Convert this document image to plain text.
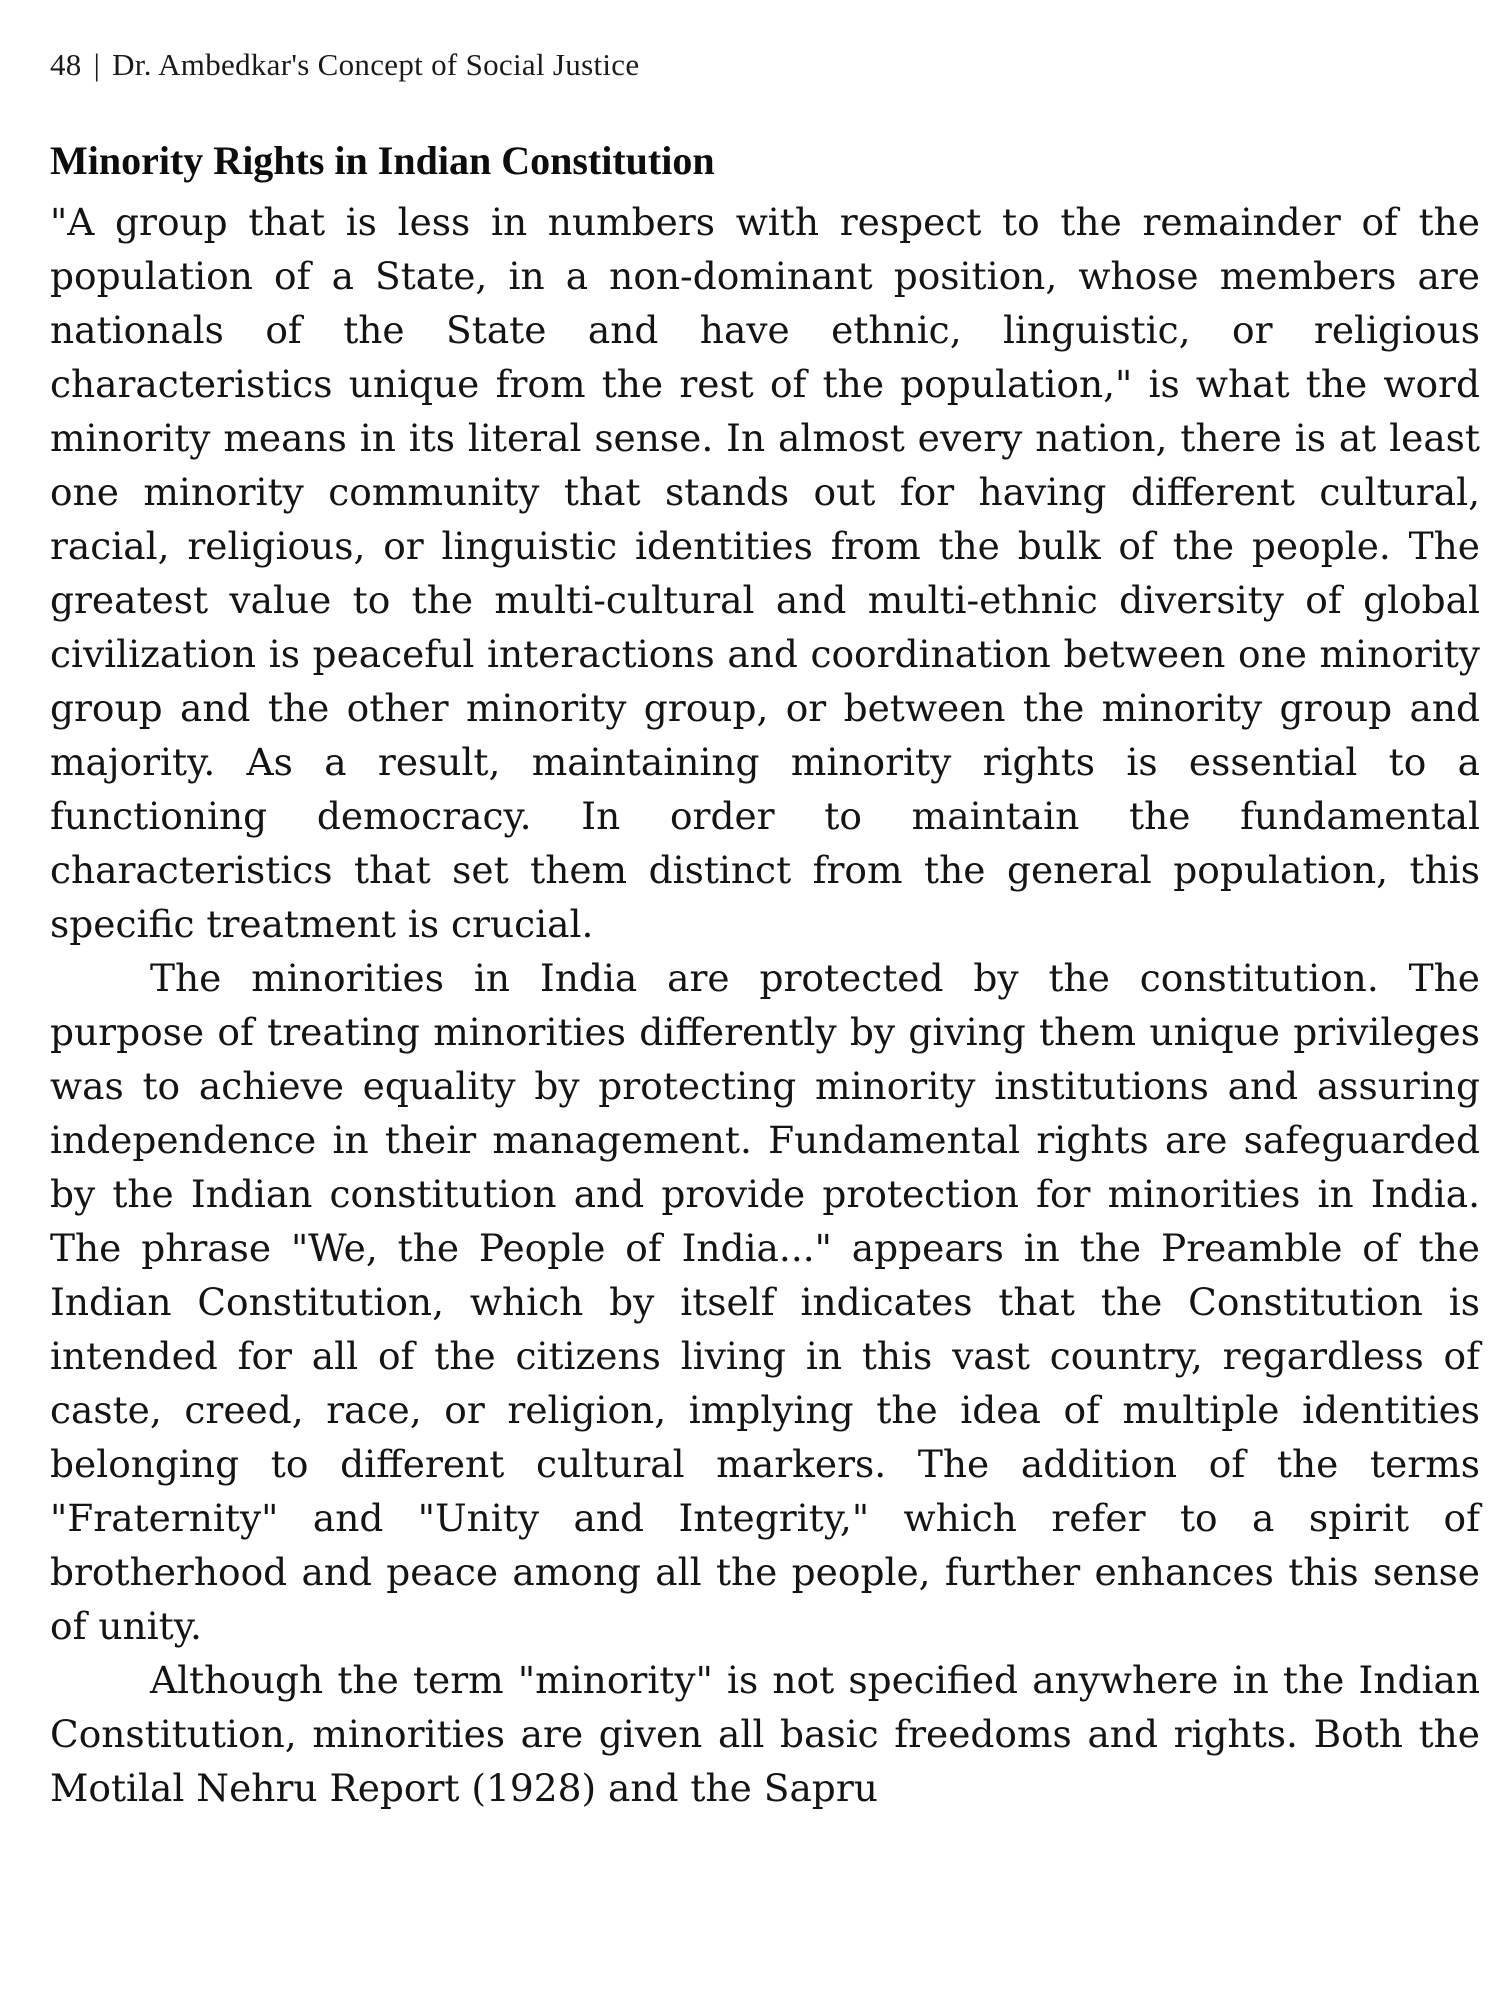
48 | Dr. Ambedkar's Concept of Social Justice
Minority Rights in Indian Constitution

"A group that is less in numbers with respect to the remainder of the population of a State, in a non-dominant position, whose members are nationals of the State and have ethnic, linguistic, or religious characteristics unique from the rest of the population," is what the word minority means in its literal sense. In almost every nation, there is at least one minority community that stands out for having different cultural, racial, religious, or linguistic identities from the bulk of the people. The greatest value to the multi-cultural and multi-ethnic diversity of global civilization is peaceful interactions and coordination between one minority group and the other minority group, or between the minority group and majority. As a result, maintaining minority rights is essential to a functioning democracy. In order to maintain the fundamental characteristics that set them distinct from the general population, this specific treatment is crucial.

The minorities in India are protected by the constitution. The purpose of treating minorities differently by giving them unique privileges was to achieve equality by protecting minority institutions and assuring independence in their management. Fundamental rights are safeguarded by the Indian constitution and provide protection for minorities in India. The phrase "We, the People of India..." appears in the Preamble of the Indian Constitution, which by itself indicates that the Constitution is intended for all of the citizens living in this vast country, regardless of caste, creed, race, or religion, implying the idea of multiple identities belonging to different cultural markers. The addition of the terms "Fraternity" and "Unity and Integrity," which refer to a spirit of brotherhood and peace among all the people, further enhances this sense of unity.

Although the term "minority" is not specified anywhere in the Indian Constitution, minorities are given all basic freedoms and rights. Both the Motilal Nehru Report (1928) and the Sapru
